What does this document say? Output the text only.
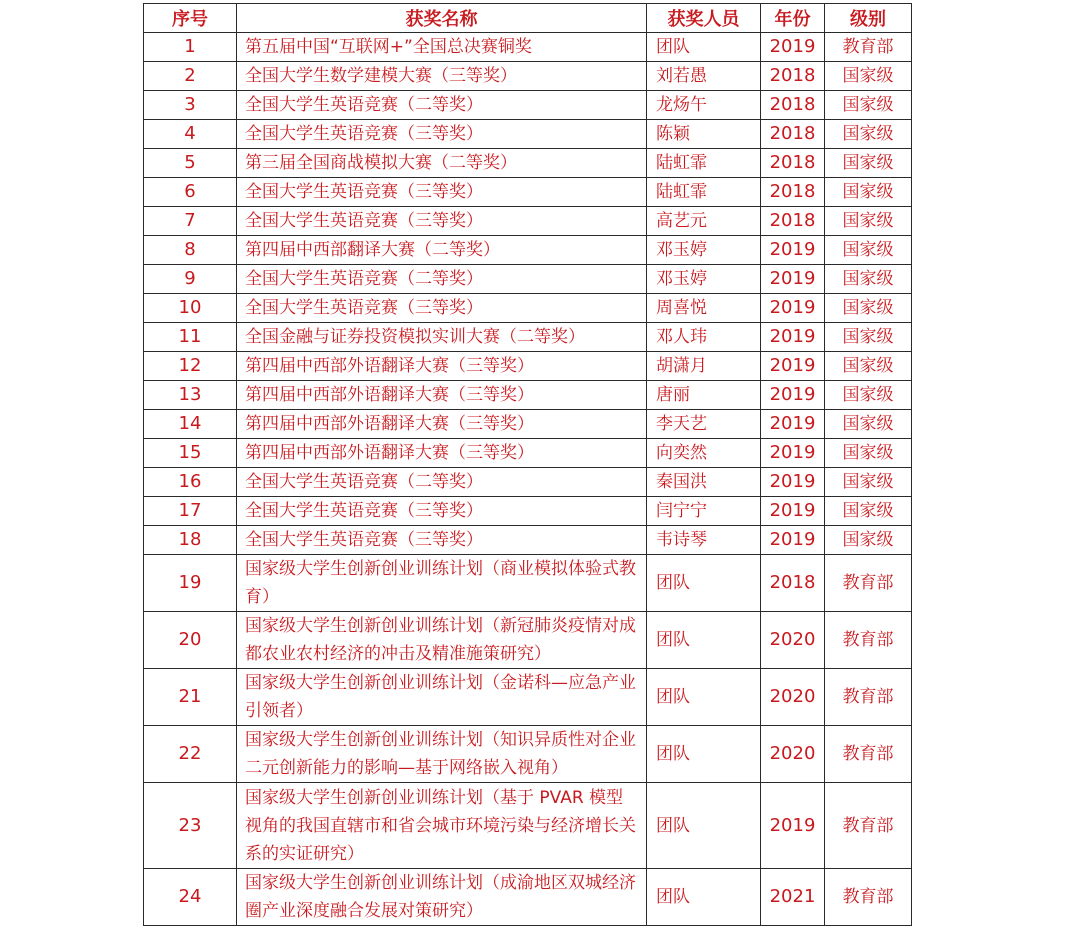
序号	获奖名称	获奖人员	年份	级别
1	第五届中国“互联网+”全国总决赛铜奖	团队	2019	教育部
2	全国大学生数学建模大赛（三等奖）	刘若愚	2018	国家级
3	全国大学生英语竞赛（二等奖）	龙炀午	2018	国家级
4	全国大学生英语竞赛（三等奖）	陈颖	2018	国家级
5	第三届全国商战模拟大赛（二等奖）	陆虹霏	2018	国家级
6	全国大学生英语竞赛（三等奖）	陆虹霏	2018	国家级
7	全国大学生英语竞赛（三等奖）	高艺元	2018	国家级
8	第四届中西部翻译大赛（二等奖）	邓玉婷	2019	国家级
9	全国大学生英语竞赛（二等奖）	邓玉婷	2019	国家级
10	全国大学生英语竞赛（三等奖）	周喜悦	2019	国家级
11	全国金融与证券投资模拟实训大赛（二等奖）	邓人玮	2019	国家级
12	第四届中西部外语翻译大赛（三等奖）	胡潇月	2019	国家级
13	第四届中西部外语翻译大赛（三等奖）	唐丽	2019	国家级
14	第四届中西部外语翻译大赛（三等奖）	李天艺	2019	国家级
15	第四届中西部外语翻译大赛（三等奖）	向奕然	2019	国家级
16	全国大学生英语竞赛（二等奖）	秦国洪	2019	国家级
17	全国大学生英语竞赛（三等奖）	闫宁宁	2019	国家级
18	全国大学生英语竞赛（三等奖）	韦诗琴	2019	国家级
19	国家级大学生创新创业训练计划（商业模拟体验式教育）	团队	2018	教育部
20	国家级大学生创新创业训练计划（新冠肺炎疫情对成都农业农村经济的冲击及精准施策研究）	团队	2020	教育部
21	国家级大学生创新创业训练计划（金诺科—应急产业引领者）	团队	2020	教育部
22	国家级大学生创新创业训练计划（知识异质性对企业二元创新能力的影响—基于网络嵌入视角）	团队	2020	教育部
23	国家级大学生创新创业训练计划（基于 PVAR 模型视角的我国直辖市和省会城市环境污染与经济增长关系的实证研究）	团队	2019	教育部
24	国家级大学生创新创业训练计划（成渝地区双城经济圈产业深度融合发展对策研究）	团队	2021	教育部
